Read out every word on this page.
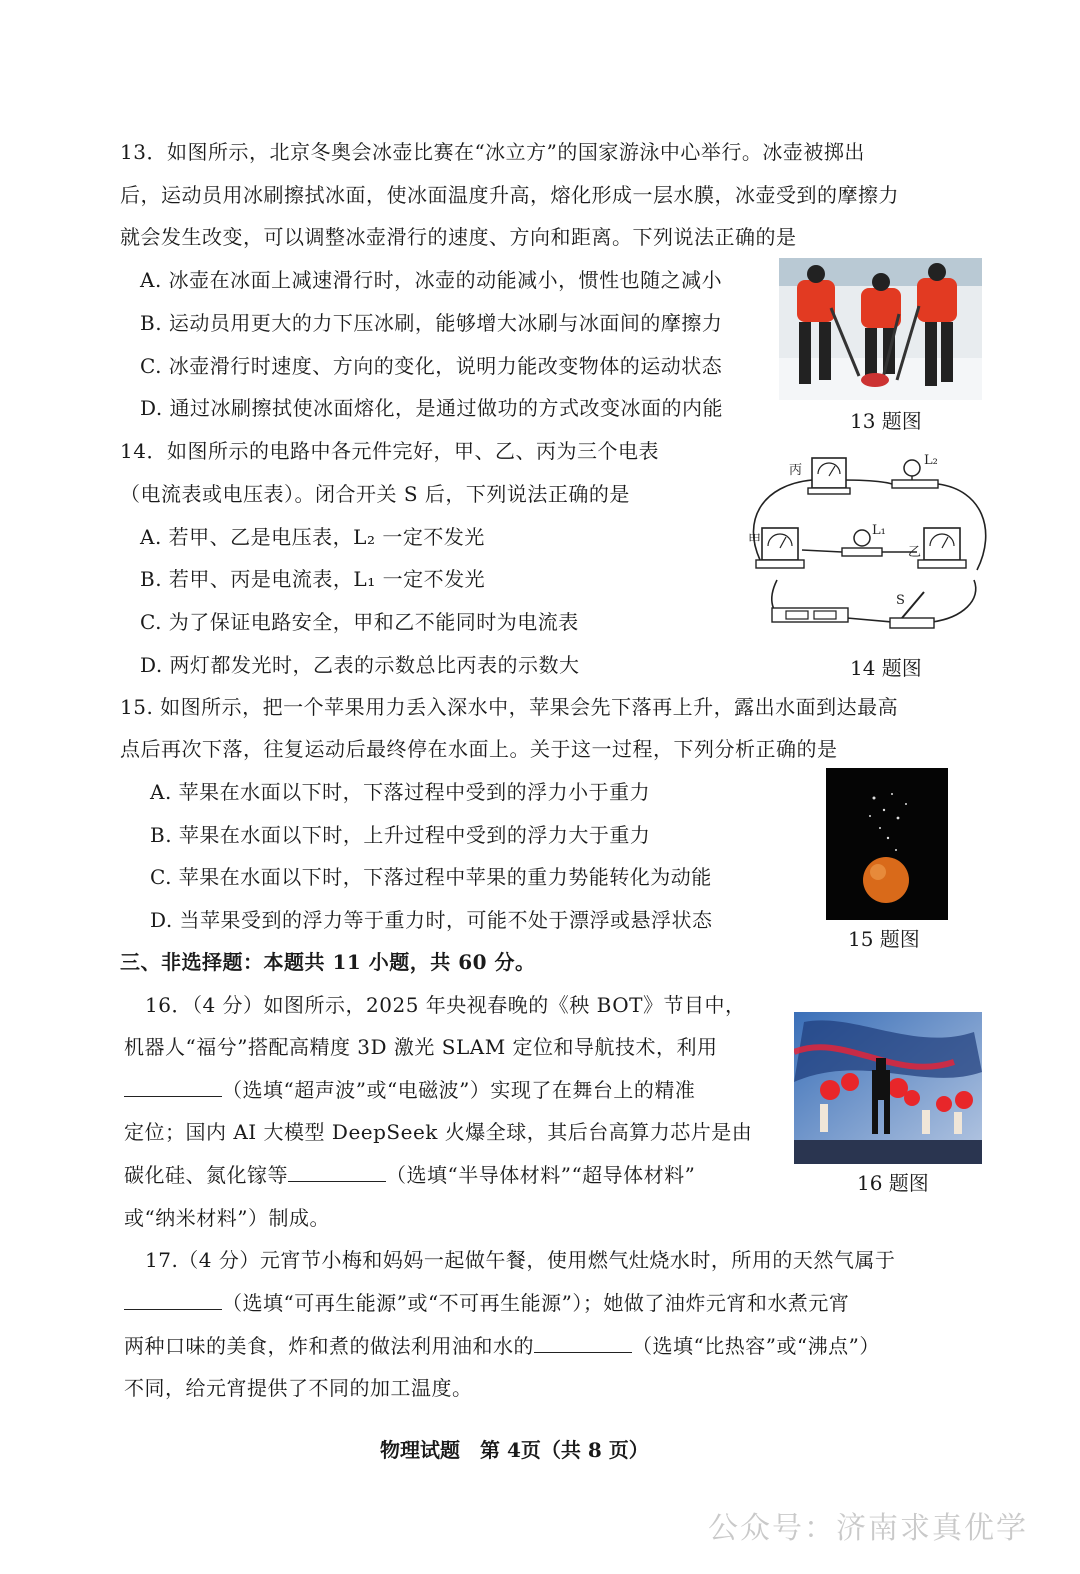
13．如图所示，北京冬奥会冰壶比赛在“冰立方”的国家游泳中心举行。冰壶被掷出
后，运动员用冰刷擦拭冰面，使冰面温度升高，熔化形成一层水膜，冰壶受到的摩擦力
就会发生改变，可以调整冰壶滑行的速度、方向和距离。下列说法正确的是
A. 冰壶在冰面上减速滑行时，冰壶的动能减小，惯性也随之减小
B. 运动员用更大的力下压冰刷，能够增大冰刷与冰面间的摩擦力
C. 冰壶滑行时速度、方向的变化，说明力能改变物体的运动状态
D. 通过冰刷擦拭使冰面熔化，是通过做功的方式改变冰面的内能
13 题图
14．如图所示的电路中各元件完好，甲、乙、丙为三个电表
（电流表或电压表）。闭合开关 S 后，下列说法正确的是
A. 若甲、乙是电压表，L₂ 一定不发光
B. 若甲、丙是电流表，L₁ 一定不发光
C. 为了保证电路安全，甲和乙不能同时为电流表
D. 两灯都发光时，乙表的示数总比丙表的示数大
丙
L₂
甲
L₁
乙
S
14 题图
15. 如图所示，把一个苹果用力丢入深水中，苹果会先下落再上升，露出水面到达最高
点后再次下落，往复运动后最终停在水面上。关于这一过程，下列分析正确的是
A. 苹果在水面以下时，下落过程中受到的浮力小于重力
B. 苹果在水面以下时，上升过程中受到的浮力大于重力
C. 苹果在水面以下时，下落过程中苹果的重力势能转化为动能
D. 当苹果受到的浮力等于重力时，可能不处于漂浮或悬浮状态
15 题图
三、非选择题：本题共 11 小题，共 60 分。
16．（4 分）如图所示，2025 年央视春晚的《秧 BOT》节目中，
机器人“福兮”搭配高精度 3D 激光 SLAM 定位和导航技术，利用
（选填“超声波”或“电磁波”）实现了在舞台上的精准
定位；国内 AI 大模型 DeepSeek 火爆全球，其后台高算力芯片是由
碳化硅、氮化镓等	（选填“半导体材料”“超导体材料”
或“纳米材料”）制成。
16 题图
17.（4 分）元宵节小梅和妈妈一起做午餐，使用燃气灶烧水时，所用的天然气属于
（选填“可再生能源”或“不可再生能源”）；她做了油炸元宵和水煮元宵
两种口味的美食，炸和煮的做法利用油和水的	（选填“比热容”或“沸点”）
不同，给元宵提供了不同的加工温度。
物理试题　第 4页（共 8 页）
公众号：济南求真优学
